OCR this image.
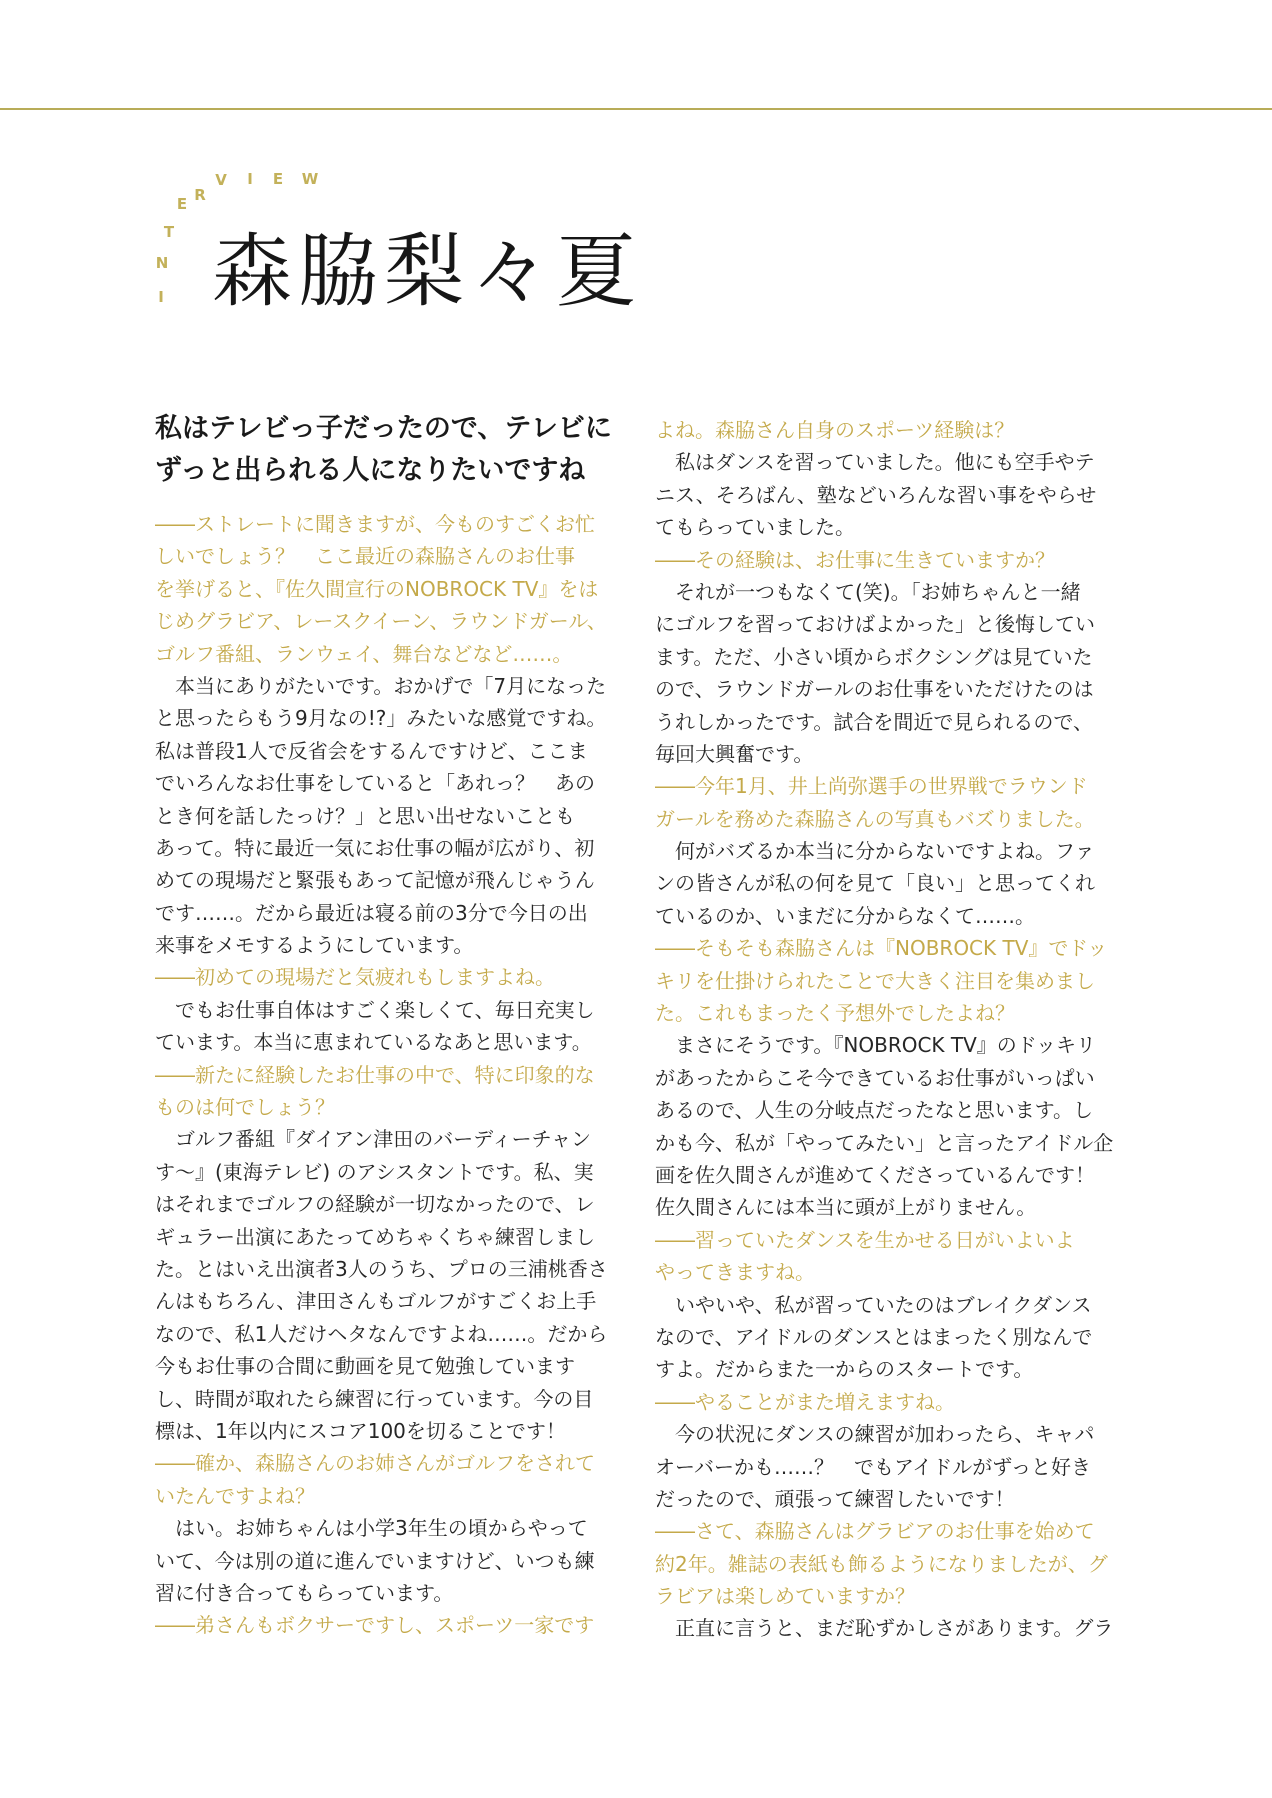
I
N
T
E R
V	I	E	W
森脇梨々夏
私はテレビっ子だったので、テレビに
ずっと出られる人になりたいですね
――ストレートに聞きますが、今ものすごくお忙
しいでしょう？　ここ最近の森脇さんのお仕事
を挙げると、『佐久間宣行のNOBROCK TV』をは
じめグラビア、レースクイーン、ラウンドガール、
ゴルフ番組、ランウェイ、舞台などなど……。
　本当にありがたいです。おかげで「7月になった
と思ったらもう9月なの!?」みたいな感覚ですね。
私は普段1人で反省会をするんですけど、ここま
でいろんなお仕事をしていると「あれっ？　あの
とき何を話したっけ？」と思い出せないことも
あって。特に最近一気にお仕事の幅が広がり、初
めての現場だと緊張もあって記憶が飛んじゃうん
です……。だから最近は寝る前の3分で今日の出
来事をメモするようにしています。
――初めての現場だと気疲れもしますよね。
　でもお仕事自体はすごく楽しくて、毎日充実し
ています。本当に恵まれているなあと思います。
――新たに経験したお仕事の中で、特に印象的な
ものは何でしょう？
　ゴルフ番組『ダイアン津田のバーディーチャン
す〜』(東海テレビ) のアシスタントです。私、実
はそれまでゴルフの経験が一切なかったので、レ
ギュラー出演にあたってめちゃくちゃ練習しまし
た。とはいえ出演者3人のうち、プロの三浦桃香さ
んはもちろん、津田さんもゴルフがすごくお上手
なので、私1人だけヘタなんですよね……。だから
今もお仕事の合間に動画を見て勉強しています
し、時間が取れたら練習に行っています。今の目
標は、1年以内にスコア100を切ることです！
――確か、森脇さんのお姉さんがゴルフをされて
いたんですよね？
　はい。お姉ちゃんは小学3年生の頃からやって
いて、今は別の道に進んでいますけど、いつも練
習に付き合ってもらっています。
――弟さんもボクサーですし、スポーツ一家です
よね。森脇さん自身のスポーツ経験は？
　私はダンスを習っていました。他にも空手やテ
ニス、そろばん、塾などいろんな習い事をやらせ
てもらっていました。
――その経験は、お仕事に生きていますか？
　それが一つもなくて(笑)。「お姉ちゃんと一緒
にゴルフを習っておけばよかった」と後悔してい
ます。ただ、小さい頃からボクシングは見ていた
ので、ラウンドガールのお仕事をいただけたのは
うれしかったです。試合を間近で見られるので、
毎回大興奮です。
――今年1月、井上尚弥選手の世界戦でラウンド
ガールを務めた森脇さんの写真もバズりました。
　何がバズるか本当に分からないですよね。ファ
ンの皆さんが私の何を見て「良い」と思ってくれ
ているのか、いまだに分からなくて……。
――そもそも森脇さんは『NOBROCK TV』でドッ
キリを仕掛けられたことで大きく注目を集めまし
た。これもまったく予想外でしたよね？
　まさにそうです。『NOBROCK TV』のドッキリ
があったからこそ今できているお仕事がいっぱい
あるので、人生の分岐点だったなと思います。し
かも今、私が「やってみたい」と言ったアイドル企
画を佐久間さんが進めてくださっているんです！
佐久間さんには本当に頭が上がりません。
――習っていたダンスを生かせる日がいよいよ
やってきますね。
　いやいや、私が習っていたのはブレイクダンス
なので、アイドルのダンスとはまったく別なんで
すよ。だからまた一からのスタートです。
――やることがまた増えますね。
　今の状況にダンスの練習が加わったら、キャパ
オーバーかも……？　でもアイドルがずっと好き
だったので、頑張って練習したいです！
――さて、森脇さんはグラビアのお仕事を始めて
約2年。雑誌の表紙も飾るようになりましたが、グ
ラビアは楽しめていますか？
　正直に言うと、まだ恥ずかしさがあります。グラ
